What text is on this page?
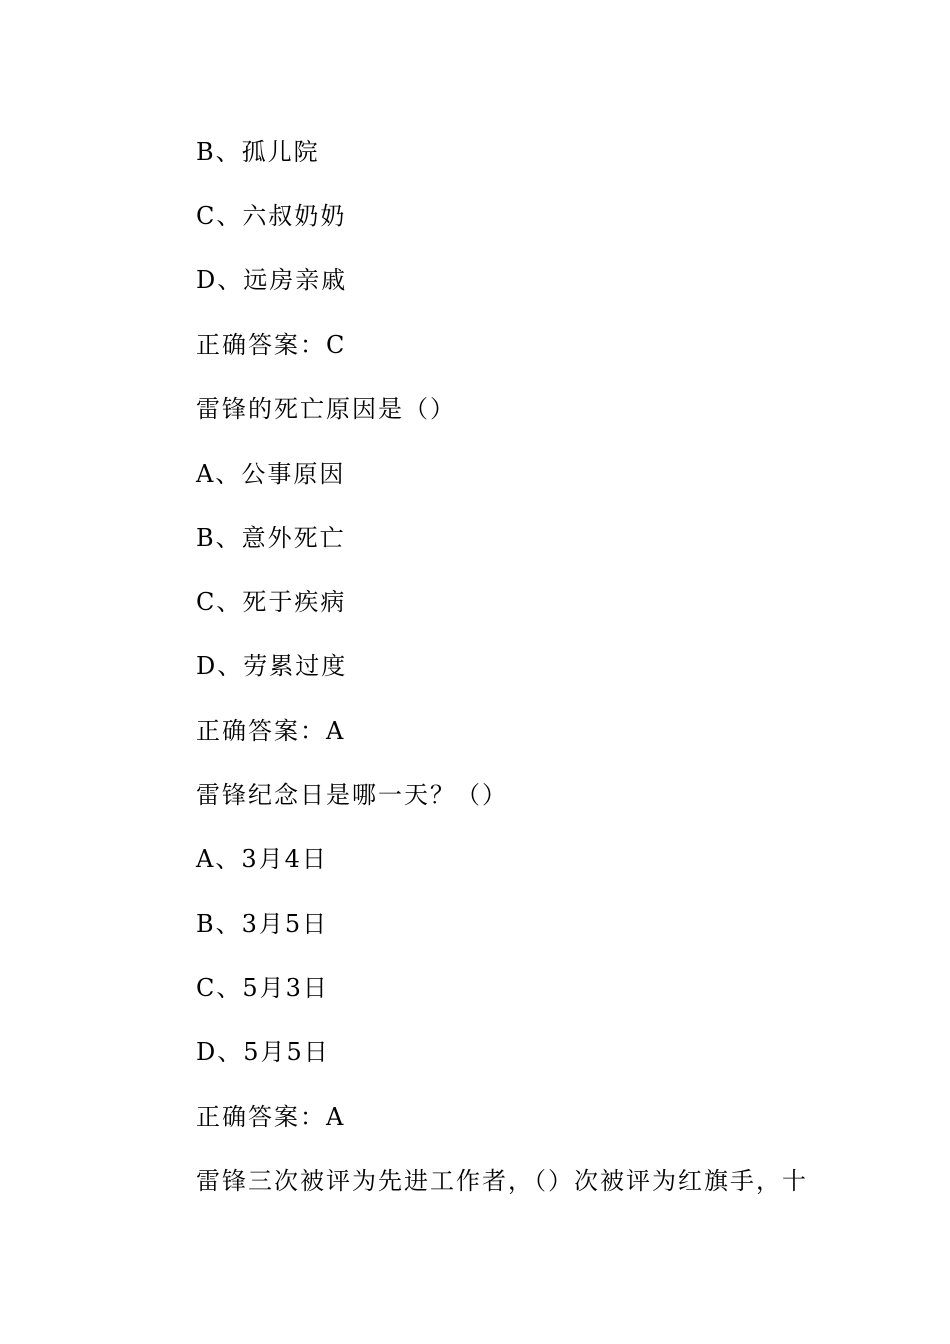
B、孤儿院
C、六叔奶奶
D、远房亲戚
正确答案：C
雷锋的死亡原因是（）
A、公事原因
B、意外死亡
C、死于疾病
D、劳累过度
正确答案：A
雷锋纪念日是哪一天？（）
A、3月4日
B、3月5日
C、5月3日
D、5月5日
正确答案：A
雷锋三次被评为先进工作者，（）次被评为红旗手，十
